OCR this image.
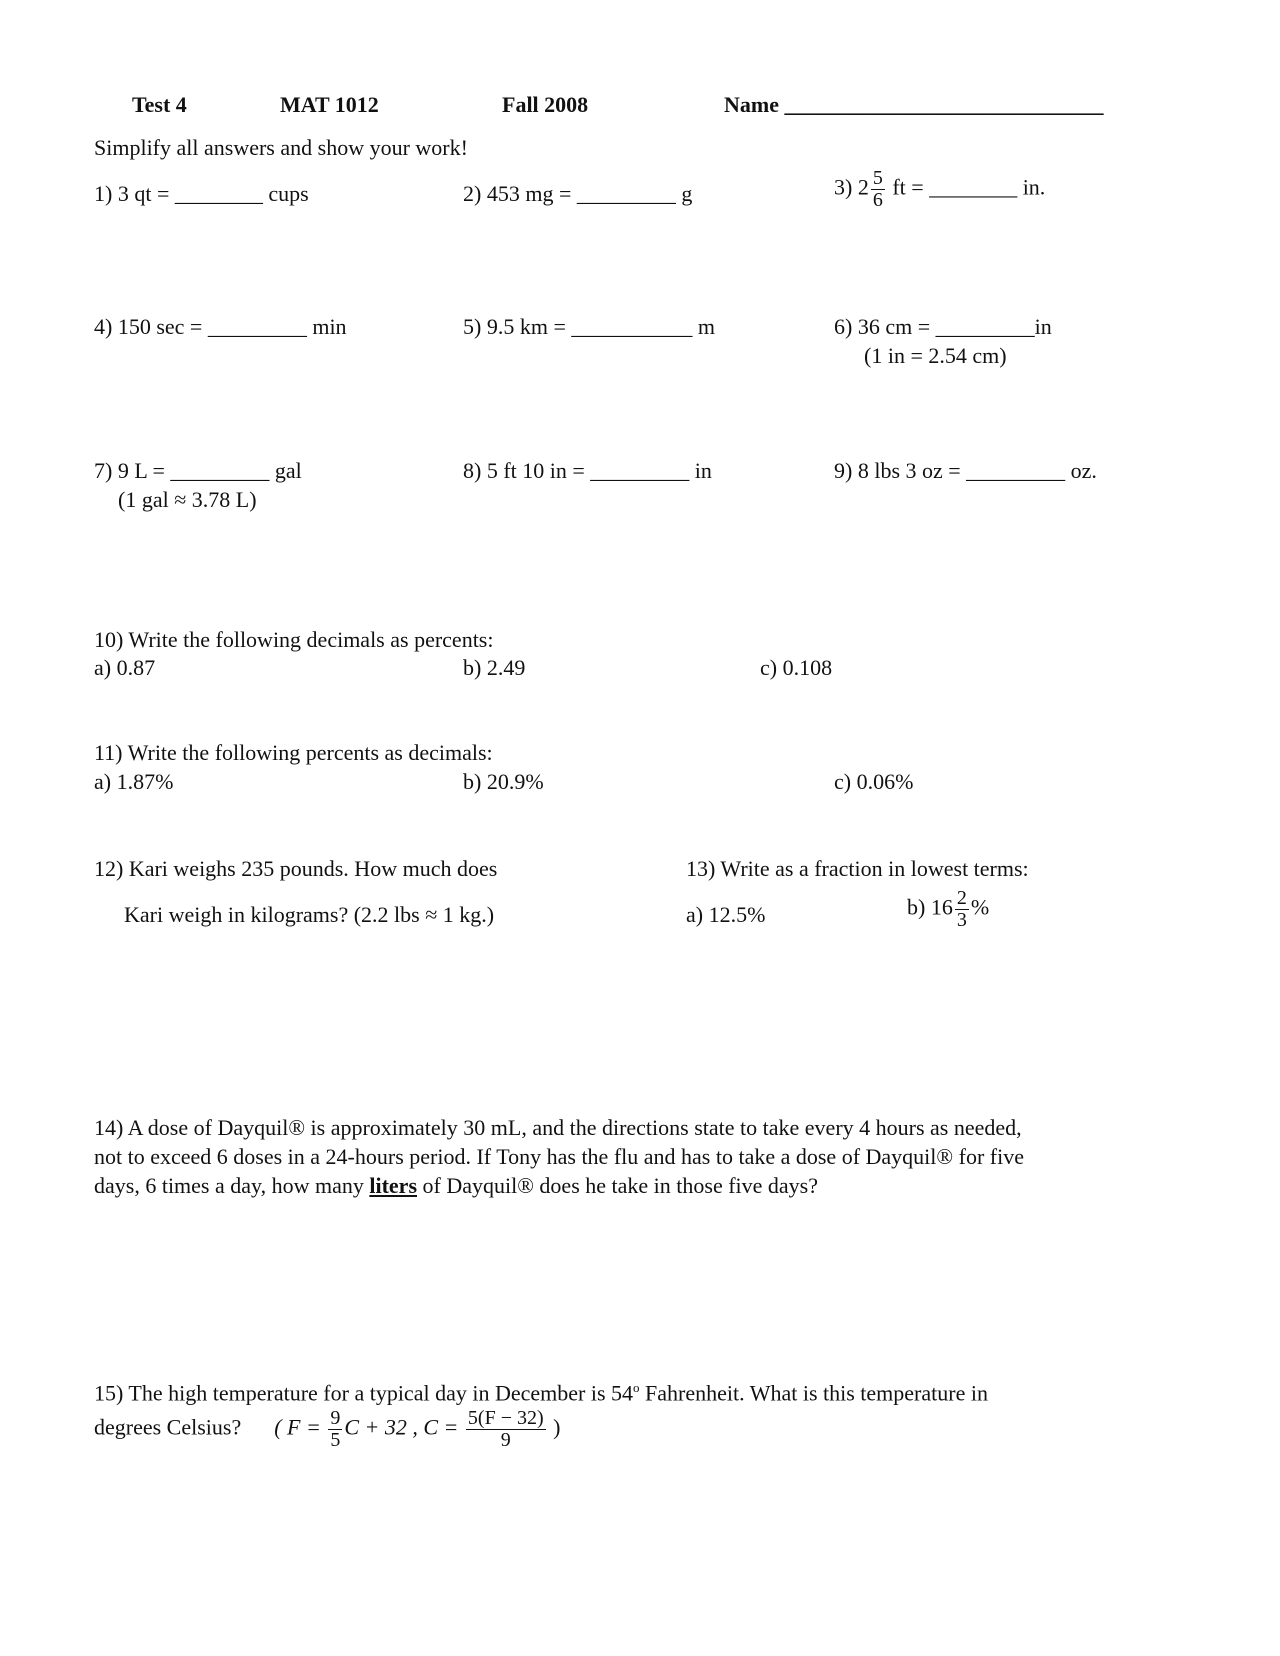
Test 4	MAT 1012	Fall 2008	Name _____________________________
Simplify all answers and show your work!
1) 3 qt = ________ cups	2) 453 mg = _________ g	3) $2 \frac{5}{6}$ ft = ________ in.
4) 150 sec = _________ min	5) 9.5 km = ___________ m	6) 36 cm = _________in
(1 in = 2.54 cm)
7) 9 L = _________ gal
(1 gal ≈ 3.78 L)
8) 5 ft 10 in = _________ in	9) 8 lbs 3 oz = _________ oz.
10) Write the following decimals as percents:
a) 0.87	b) 2.49	c) 0.108
11) Write the following percents as decimals:
a) 1.87%	b) 20.9%	c) 0.06%
12) Kari weighs 235 pounds. How much does
Kari weigh in kilograms? (2.2 lbs ≈ 1 kg.)
13) Write as a fraction in lowest terms:
a) 12.5%	b) $16 \frac{2}{3}$ %
14) A dose of Dayquil® is approximately 30 mL, and the directions state to take every 4 hours as needed,
not to exceed 6 doses in a 24-hours period. If Tony has the flu and has to take a dose of Dayquil® for five
days, 6 times a day, how many liters of Dayquil® does he take in those five days?
15) The high temperature for a typical day in December is 54$^o$ Fahrenheit. What is this temperature in
degrees Celsius? ( $F = \frac{9}{5}$ C + 32 , $C = \frac{5(F - 32)}{9}$ )
